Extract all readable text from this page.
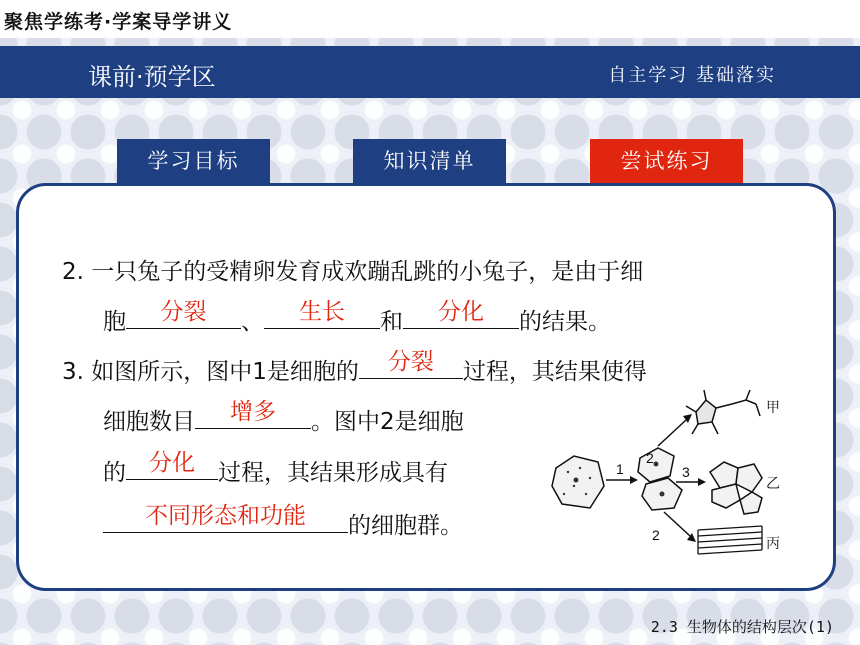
聚焦学练考·学案导学讲义
课前·预学区	自主学习 基础落实
学习目标	知识清单	尝试练习
2. 一只兔子的受精卵发育成欢蹦乱跳的小兔子，是由于细
胞	分裂	、	生长	和	分化	的结果。
3. 如图所示，图中1是细胞的	分裂	过程，其结果使得
细胞数目	增多	。图中2是细胞
的	分化	过程，其结果形成具有
不同形态和功能	的细胞群。
2
1	3
2
甲
乙
丙
2.3 生物体的结构层次(1)
